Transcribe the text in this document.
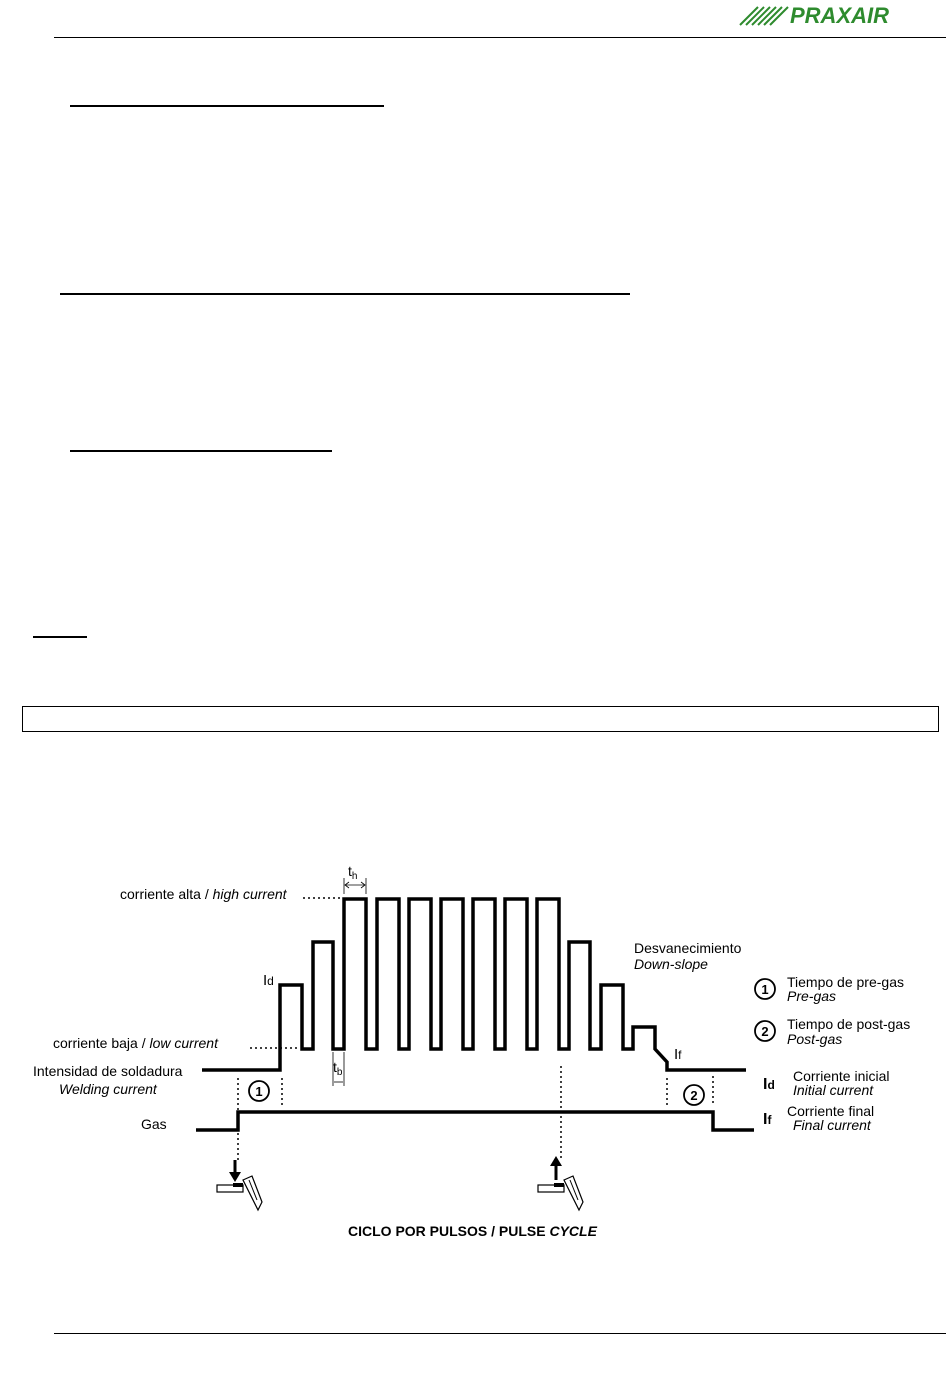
PRAXAIR
$t_h$
$t_b$
corriente alta / high current
corriente baja / low current
Intensidad de soldadura
Welding current
Gas
Id
If
Desvanecimiento
Down-slope
1	2
CICLO POR PULSOS / PULSE CYCLE
1 Tiempo de pre-gas
Pre-gas
2 Tiempo de post-gas
Post-gas
Id
Corriente inicial
Initial current
If
Corriente final
Final current
